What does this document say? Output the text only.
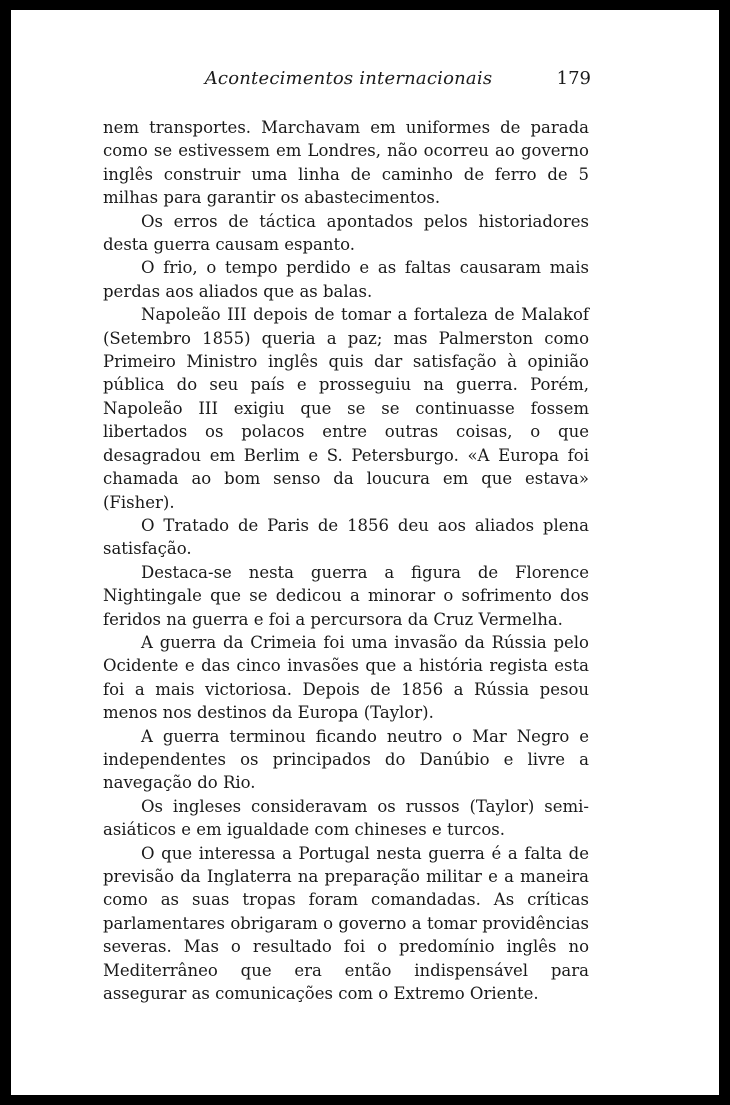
Acontecimentos internacionais	179

nem transportes. Marchavam em uniformes de parada como se estivessem em Londres, não ocorreu ao governo inglês construir uma linha de caminho de ferro de 5 milhas para garantir os abastecimentos.

Os erros de táctica apontados pelos historiadores desta guerra causam espanto.

O frio, o tempo perdido e as faltas causaram mais perdas aos aliados que as balas.

Napoleão III depois de tomar a fortaleza de Malakof (Setembro 1855) queria a paz; mas Palmerston como Primeiro Ministro inglês quis dar satisfação à opinião pública do seu país e prosseguiu na guerra. Porém, Napoleão III exigiu que se se continuasse fossem libertados os polacos entre outras coisas, o que desagradou em Berlim e S. Petersburgo. «A Europa foi chamada ao bom senso da loucura em que estava» (Fisher).

O Tratado de Paris de 1856 deu aos aliados plena satisfação.

Destaca-se nesta guerra a figura de Florence Nightingale que se dedicou a minorar o sofrimento dos feridos na guerra e foi a percursora da Cruz Vermelha.

A guerra da Crimeia foi uma invasão da Rússia pelo Ocidente e das cinco invasões que a história regista esta foi a mais victoriosa. Depois de 1856 a Rússia pesou menos nos destinos da Europa (Taylor).

A guerra terminou ficando neutro o Mar Negro e independentes os principados do Danúbio e livre a navegação do Rio.

Os ingleses consideravam os russos (Taylor) semi-asiáticos e em igualdade com chineses e turcos.

O que interessa a Portugal nesta guerra é a falta de previsão da Inglaterra na preparação militar e a maneira como as suas tropas foram comandadas. As críticas parlamentares obrigaram o governo a tomar providências severas. Mas o resultado foi o predomínio inglês no Mediterrâneo que era então indispensável para assegurar as comunicações com o Extremo Oriente.
